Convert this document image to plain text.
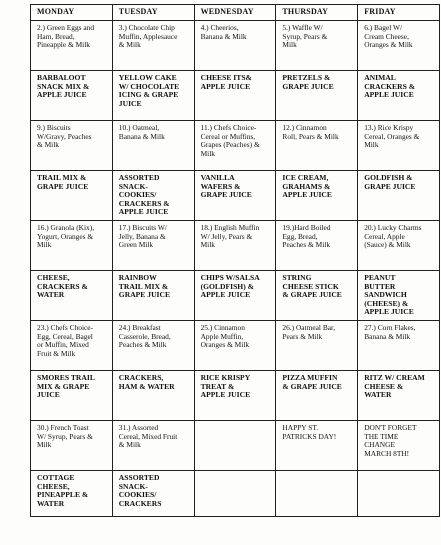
MONDAY	TUESDAY	WEDNESDAY	THURSDAY	FRIDAY
2.) Green Eggs and
Ham, Bread,
Pineapple & Milk	3.) Chocolate Chip
Muffin, Applesauce
& Milk	4.) Cheerios,
Banana & Milk	5.) Waffle W/
Syrup, Pears &
Milk	6.) Bagel W/
Cream Cheese,
Oranges & Milk
BARBALOOT
SNACK MIX &
APPLE JUICE	YELLOW CAKE
W/ CHOCOLATE
ICING & GRAPE
JUICE	CHEESE ITS&
APPLE JUICE	PRETZELS &
GRAPE JUICE	ANIMAL
CRACKERS &
APPLE JUICE
9.) Biscuits
W/Gravy, Peaches
& Milk	10.) Oatmeal,
Banana & Milk	11.) Chefs Choice-
Cereal or Muffins,
Grapes (Peaches) &
Milk	12.) Cinnamon
Roll, Pears & Milk	13.) Rice Krispy
Cereal, Oranges &
Milk
TRAIL MIX &
GRAPE JUICE	ASSORTED
SNACK-
COOKIES/
CRACKERS &
APPLE JUICE	VANILLA
WAFERS &
GRAPE JUICE	ICE CREAM,
GRAHAMS &
APPLE JUICE	GOLDFISH &
GRAPE JUICE
16.) Granola (Kix),
Yogurt, Oranges &
Milk	17.) Biscuits W/
Jelly, Banana &
Green Milk	18.) English Muffin
W/ Jelly, Pears &
Milk	19.)Hard Boiled
Egg, Bread,
Peaches & Milk	20.) Lucky Charms
Cereal, Apple
(Sauce) & Milk
CHEESE,
CRACKERS &
WATER	RAINBOW
TRAIL MIX &
GRAPE JUICE	CHIPS W/SALSA
(GOLDFISH) &
APPLE JUICE	STRING
CHEESE STICK
& GRAPE JUICE	PEANUT
BUTTER
SANDWICH
(CHEESE) &
APPLE JUICE
23.) Chefs Choice-
Egg, Cereal, Bagel
or Muffin, Mixed
Fruit & Milk	24.) Breakfast
Casserole, Bread,
Peaches & Milk	25.) Cinnamon
Apple Muffin,
Oranges & Milk	26.) Oatmeal Bar,
Pears & Milk	27.) Corn Flakes,
Banana & Milk
SMORES TRAIL
MIX & GRAPE
JUICE	CRACKERS,
HAM & WATER	RICE KRISPY
TREAT &
APPLE JUICE	PIZZA MUFFIN
& GRAPE JUICE	RITZ W/ CREAM
CHEESE &
WATER
30.) French Toast
W/ Syrup, Pears &
Milk	31.) Assorted
Cereal, Mixed Fruit
& Milk		HAPPY ST.
PATRICKS DAY!	DON'T FORGET
THE TIME
CHANGE
MARCH 8TH!
COTTAGE
CHEESE,
PINEAPPLE &
WATER	ASSORTED
SNACK-
COOKIES/
CRACKERS			
